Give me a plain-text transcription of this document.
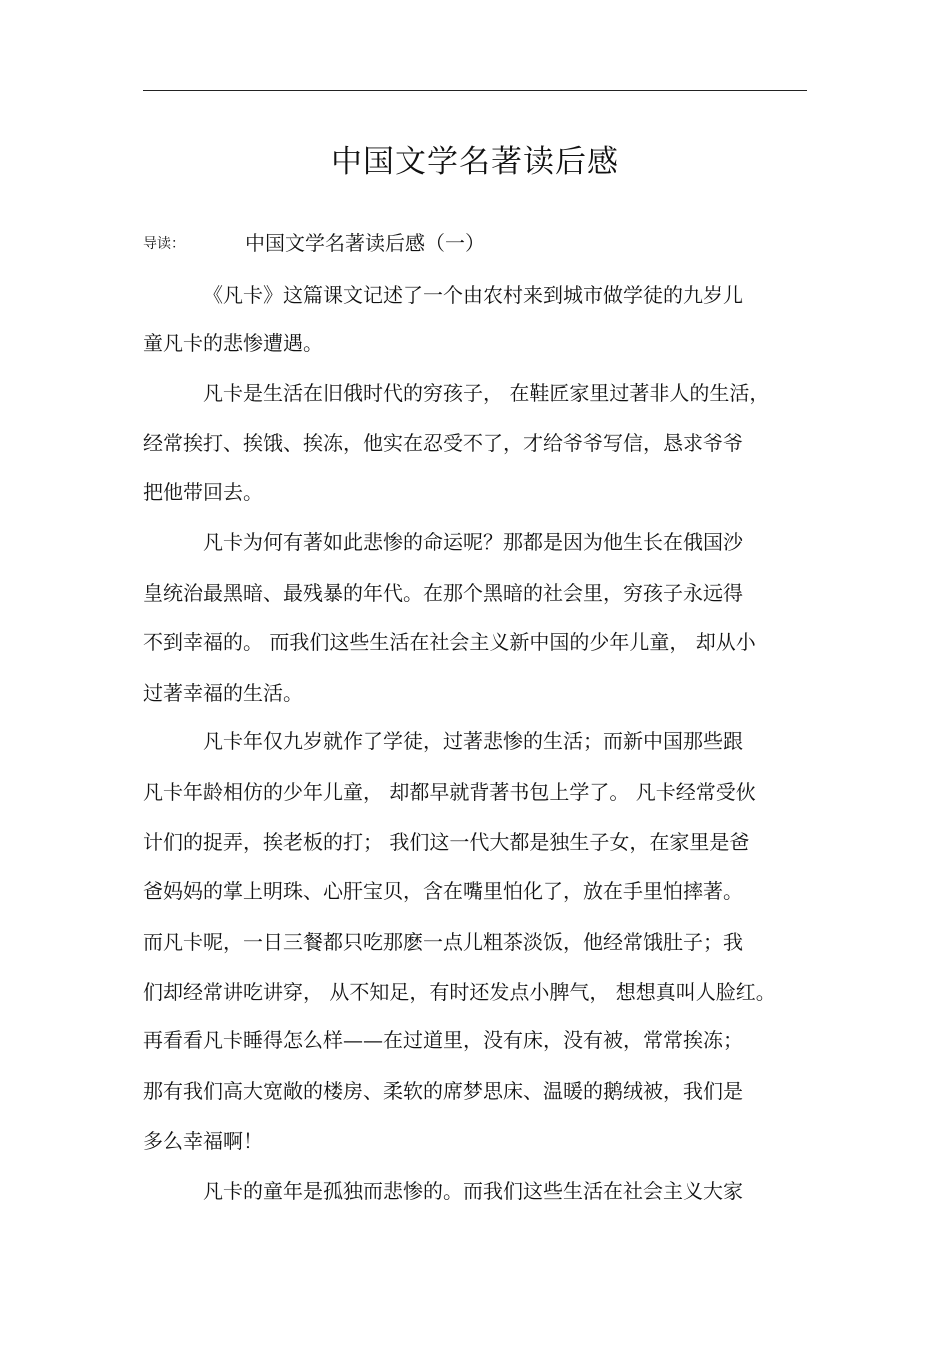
中国文学名著读后感
导读：	中国文学名著读后感（一）
《凡卡》这篇课文记述了一个由农村来到城市做学徒的九岁儿
童凡卡的悲惨遭遇。
凡卡是生活在旧俄时代的穷孩子， 在鞋匠家里过著非人的生活，
经常挨打、挨饿、挨冻，他实在忍受不了，才给爷爷写信，恳求爷爷
把他带回去。
凡卡为何有著如此悲惨的命运呢？那都是因为他生长在俄国沙
皇统治最黑暗、最残暴的年代。在那个黑暗的社会里，穷孩子永远得
不到幸福的。 而我们这些生活在社会主义新中国的少年儿童， 却从小
过著幸福的生活。
凡卡年仅九岁就作了学徒，过著悲惨的生活；而新中国那些跟
凡卡年龄相仿的少年儿童， 却都早就背著书包上学了。 凡卡经常受伙
计们的捉弄，挨老板的打； 我们这一代大都是独生子女，在家里是爸
爸妈妈的掌上明珠、心肝宝贝，含在嘴里怕化了，放在手里怕摔著。
而凡卡呢，一日三餐都只吃那麽一点儿粗茶淡饭，他经常饿肚子；我
们却经常讲吃讲穿， 从不知足，有时还发点小脾气， 想想真叫人脸红。
再看看凡卡睡得怎么样——在过道里，没有床，没有被，常常挨冻；
那有我们高大宽敞的楼房、柔软的席梦思床、温暖的鹅绒被，我们是
多么幸福啊！
凡卡的童年是孤独而悲惨的。而我们这些生活在社会主义大家
